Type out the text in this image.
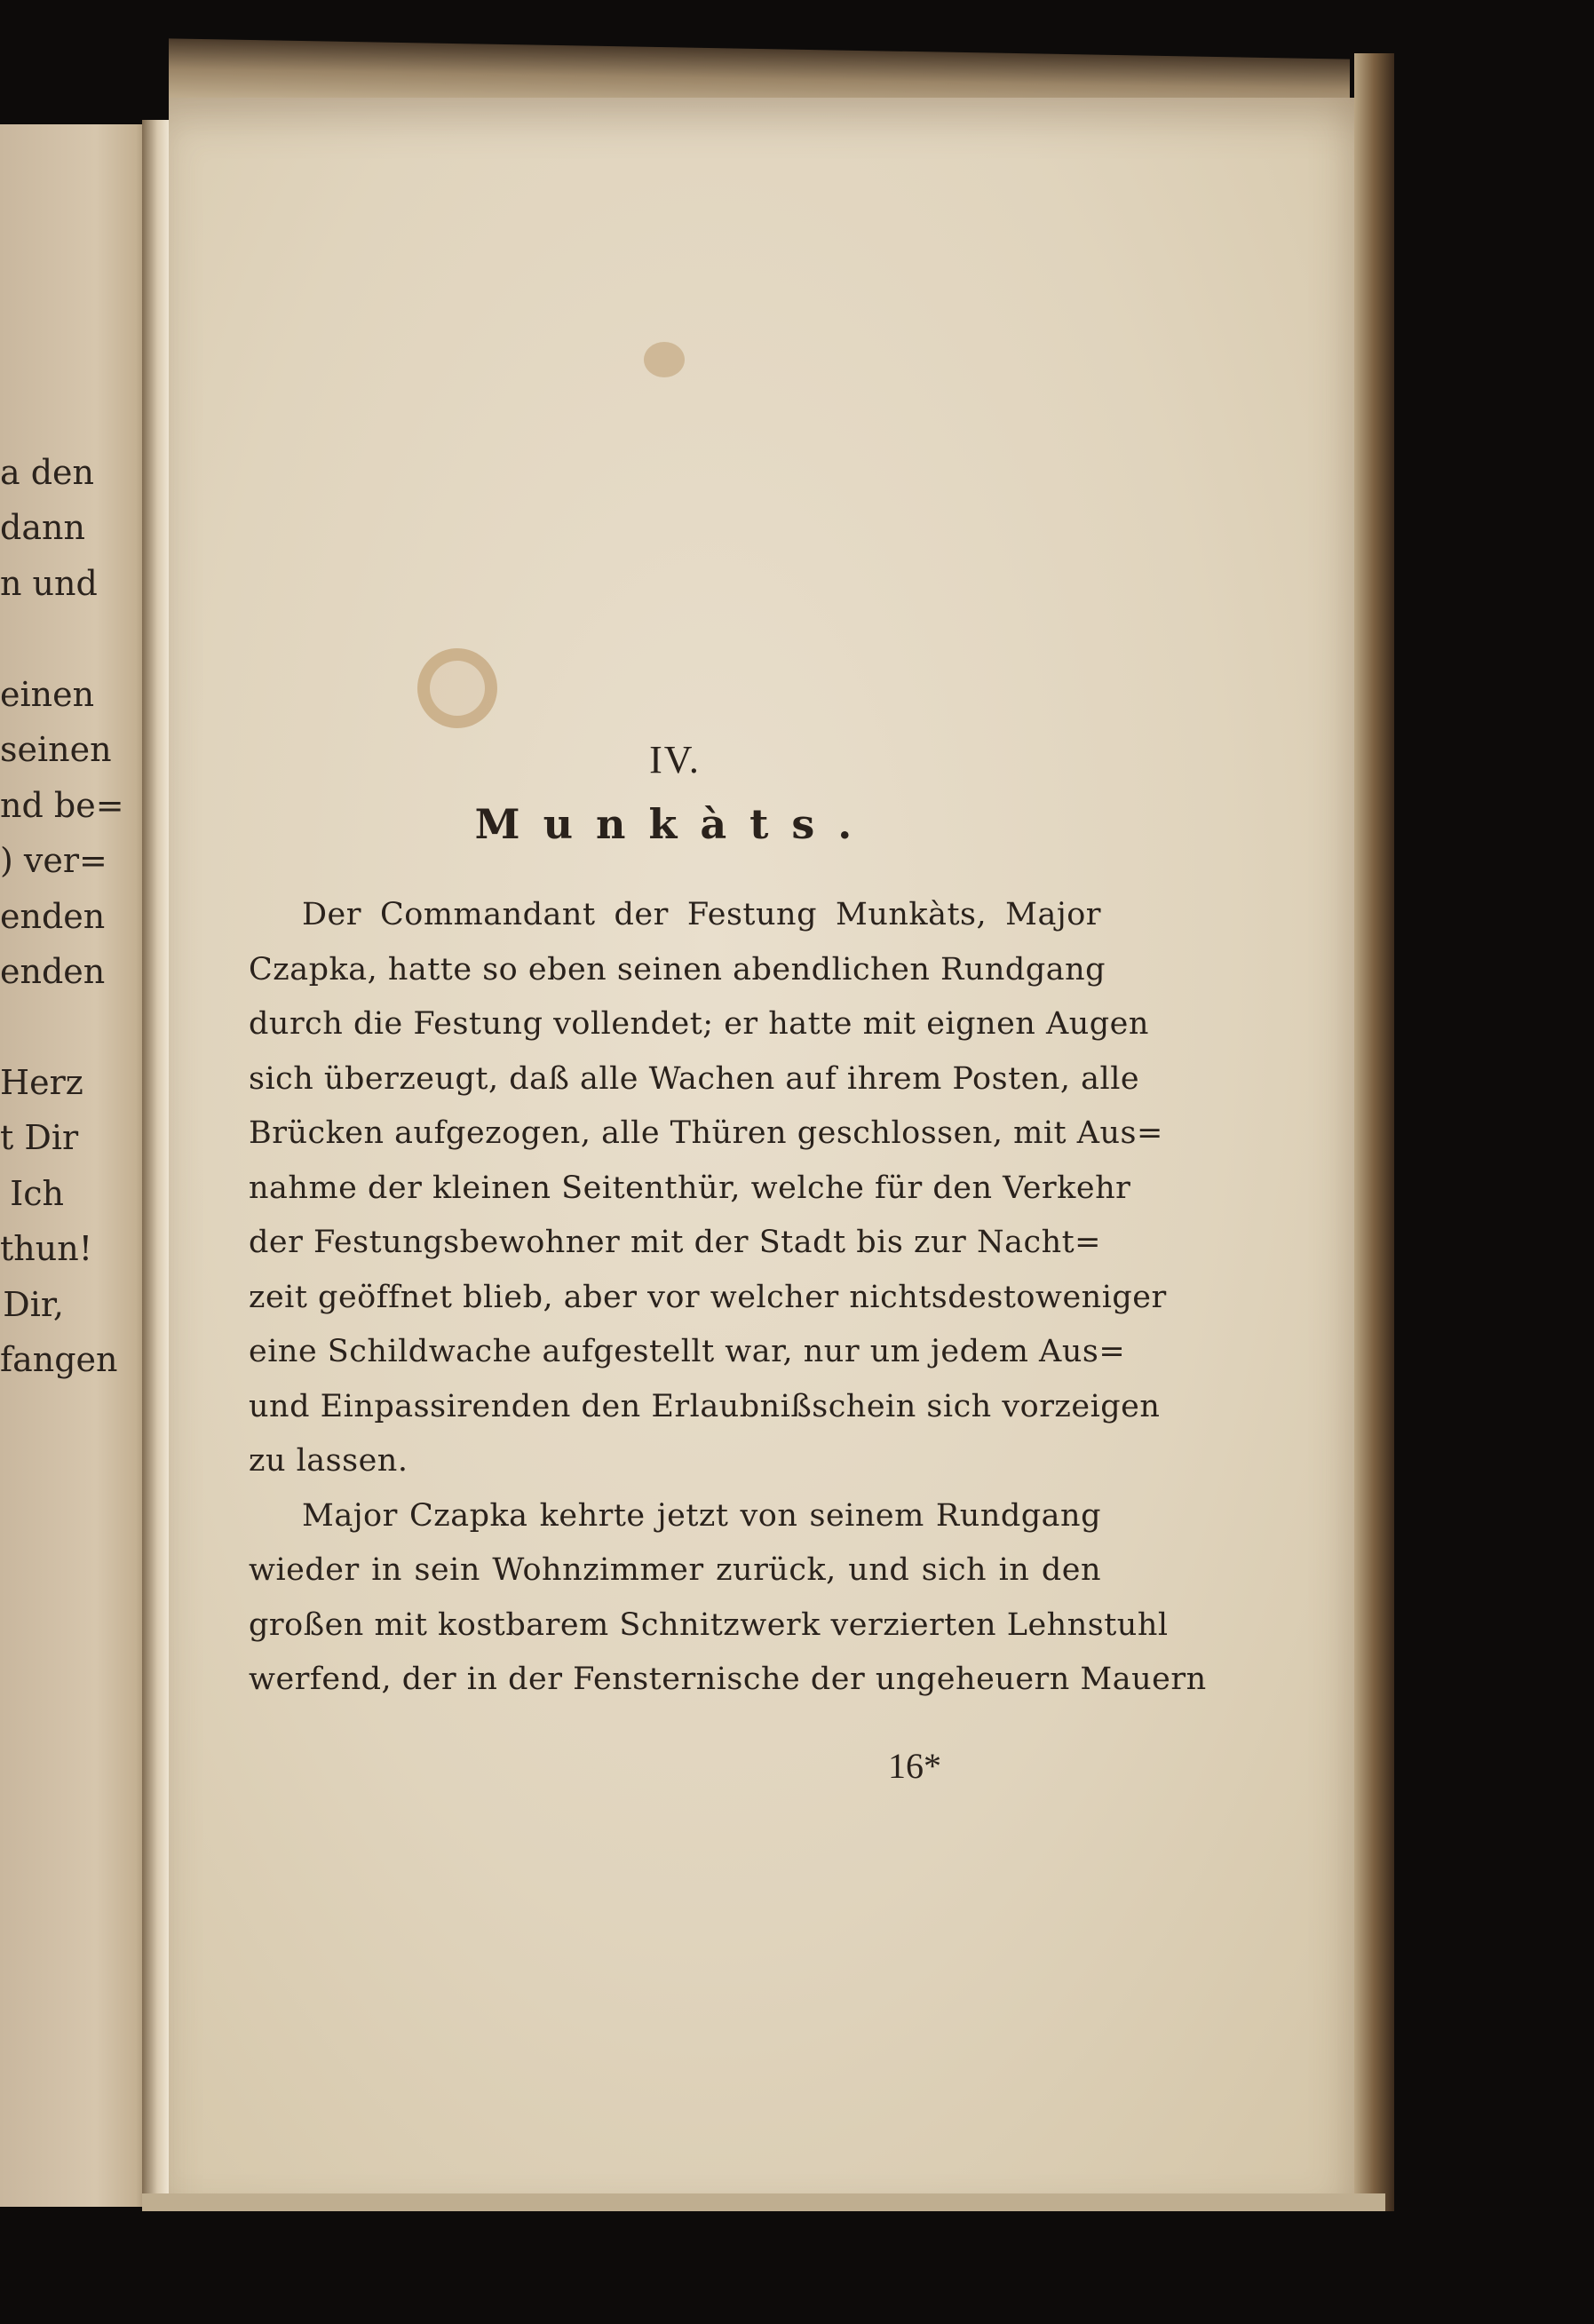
a den
dann
n und
einen
seinen
nd be=
) ver=
enden
enden
Herz
t Dir
Ich
thun!
Dir,
fangen
IV.
Munkàts.
Der Commandant der Festung Munkàts, Major
Czapka, hatte so eben seinen abendlichen Rundgang
durch die Festung vollendet; er hatte mit eignen Augen
sich überzeugt, daß alle Wachen auf ihrem Posten, alle
Brücken aufgezogen, alle Thüren geschlossen, mit Aus=
nahme der kleinen Seitenthür, welche für den Verkehr
der Festungsbewohner mit der Stadt bis zur Nacht=
zeit geöffnet blieb, aber vor welcher nichtsdestoweniger
eine Schildwache aufgestellt war, nur um jedem Aus=
und Einpassirenden den Erlaubnißschein sich vorzeigen
zu lassen.
Major Czapka kehrte jetzt von seinem Rundgang
wieder in sein Wohnzimmer zurück, und sich in den
großen mit kostbarem Schnitzwerk verzierten Lehnstuhl
werfend, der in der Fensternische der ungeheuern Mauern
16*
